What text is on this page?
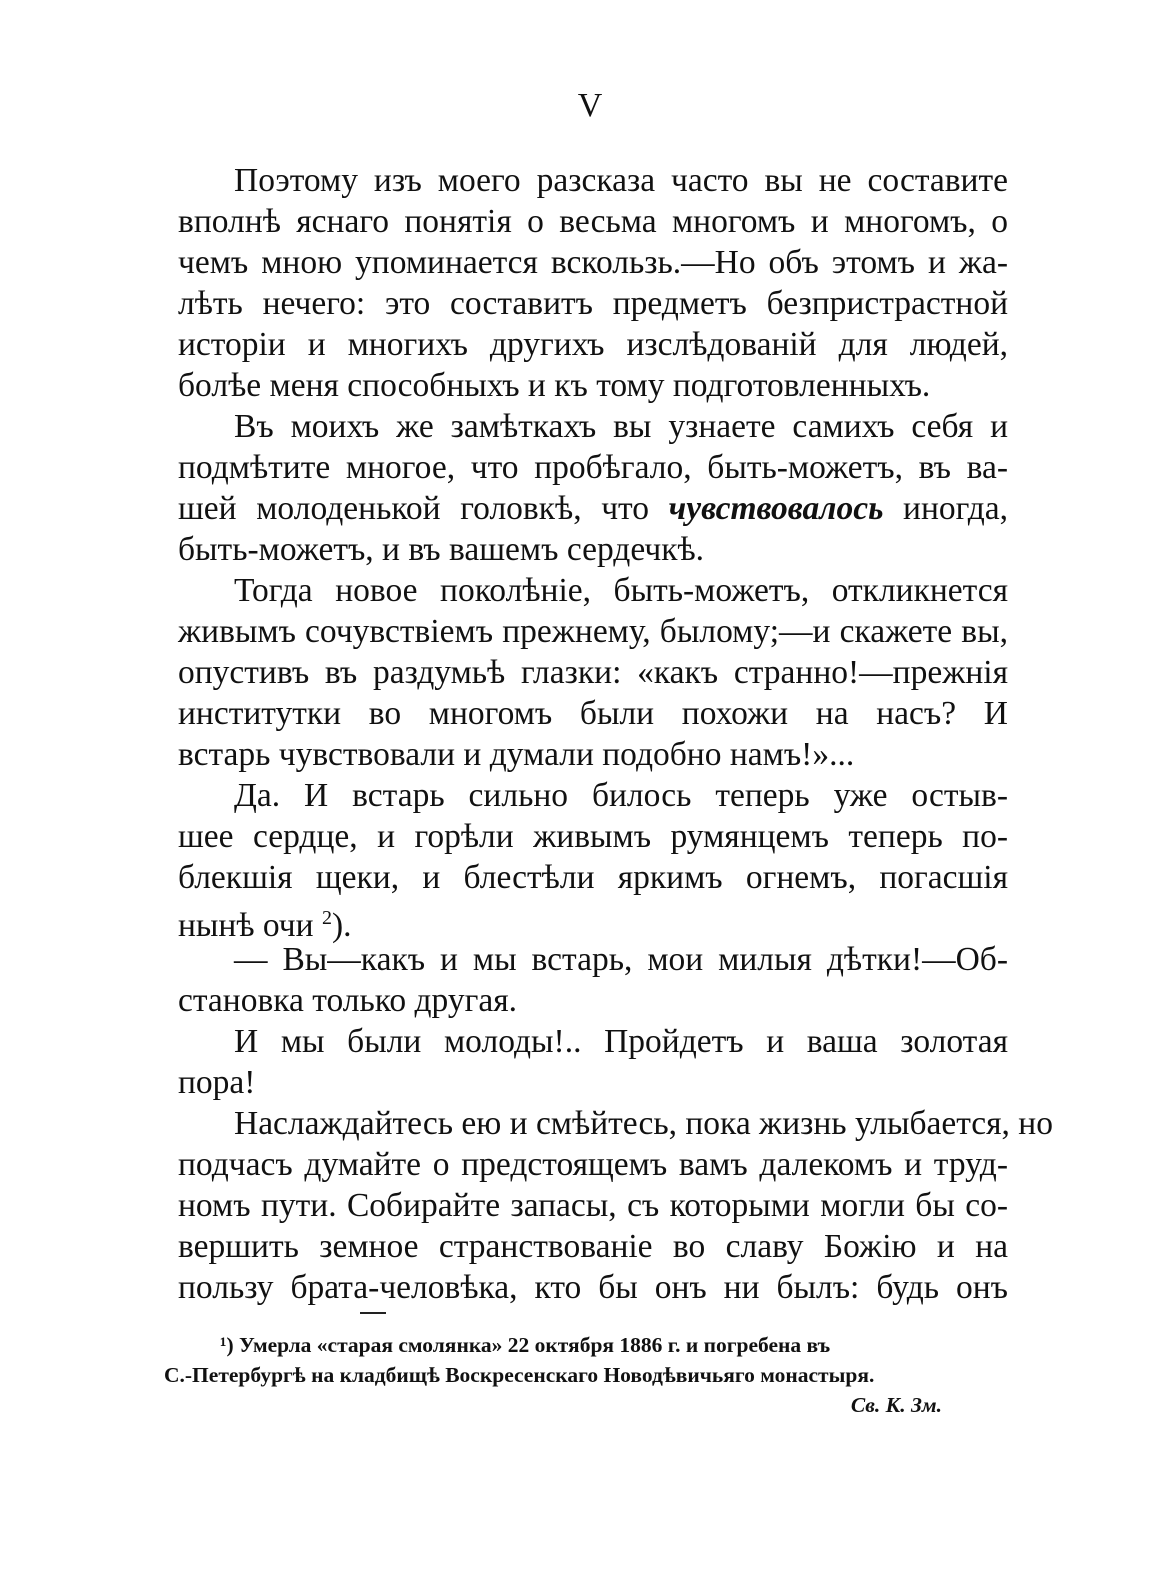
V
Поэтому изъ моего разсказа часто вы не составите
вполнѣ яснаго понятія о весьма многомъ и многомъ, о
чемъ мною упоминается вскользь.—Но объ этомъ и жа-
лѣть нечего: это составитъ предметъ безпристрастной
исторіи и многихъ другихъ изслѣдованій для людей,
болѣе меня способныхъ и къ тому подготовленныхъ.
Въ моихъ же замѣткахъ вы узнаете самихъ себя и
подмѣтите многое, что пробѣгало, быть-можетъ, въ ва-
шей молоденькой головкѣ, что чувствовалось иногда,
быть-можетъ, и въ вашемъ сердечкѣ.
Тогда новое поколѣніе, быть-можетъ, откликнется
живымъ сочувствіемъ прежнему, былому;—и скажете вы,
опустивъ въ раздумьѣ глазки: «какъ странно!—прежнія
институтки во многомъ были похожи на насъ? И
встарь чувствовали и думали подобно намъ!»...
Да. И встарь сильно билось теперь уже остыв-
шее сердце, и горѣли живымъ румянцемъ теперь по-
блекшія щеки, и блестѣли яркимъ огнемъ, погасшія
нынѣ очи $^2$).
— Вы—какъ и мы встарь, мои милыя дѣтки!—Об-
становка только другая.
И мы были молоды!.. Пройдетъ и ваша золотая
пора!
Наслаждайтесь ею и смѣйтесь, пока жизнь улыбается, но
подчасъ думайте о предстоящемъ вамъ далекомъ и труд-
номъ пути. Собирайте запасы, съ которыми могли бы со-
вершить земное странствованіе во славу Божію и на
пользу брата-человѣка, кто бы онъ ни былъ: будь онъ
¹) Умерла «старая смолянка» 22 октября 1886 г. и погребена въ
С.-Петербургѣ на кладбищѣ Воскресенскаго Новодѣвичьяго монастыря.
Св. К. Зм.
